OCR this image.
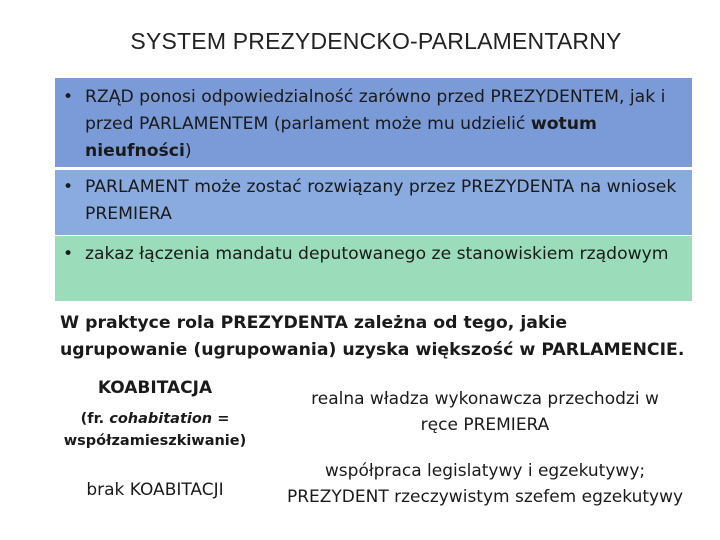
SYSTEM PREZYDENCKO-PARLAMENTARNY
• RZĄD ponosi odpowiedzialność zarówno przed PREZYDENTEM, jak i przed PARLAMENTEM (parlament może mu udzielić wotum nieufności)
• PARLAMENT może zostać rozwiązany przez PREZYDENTA na wniosek PREMIERA
• zakaz łączenia mandatu deputowanego ze stanowiskiem rządowym
W praktyce rola PREZYDENTA zależna od tego, jakie
ugrupowanie (ugrupowania) uzyska większość w PARLAMENCIE.
KOABITACJA
(fr. cohabitation =
współzamieszkiwanie)
realna władza wykonawcza przechodzi w
ręce PREMIERA
brak KOABITACJI
współpraca legislatywy i egzekutywy;
PREZYDENT rzeczywistym szefem egzekutywy
